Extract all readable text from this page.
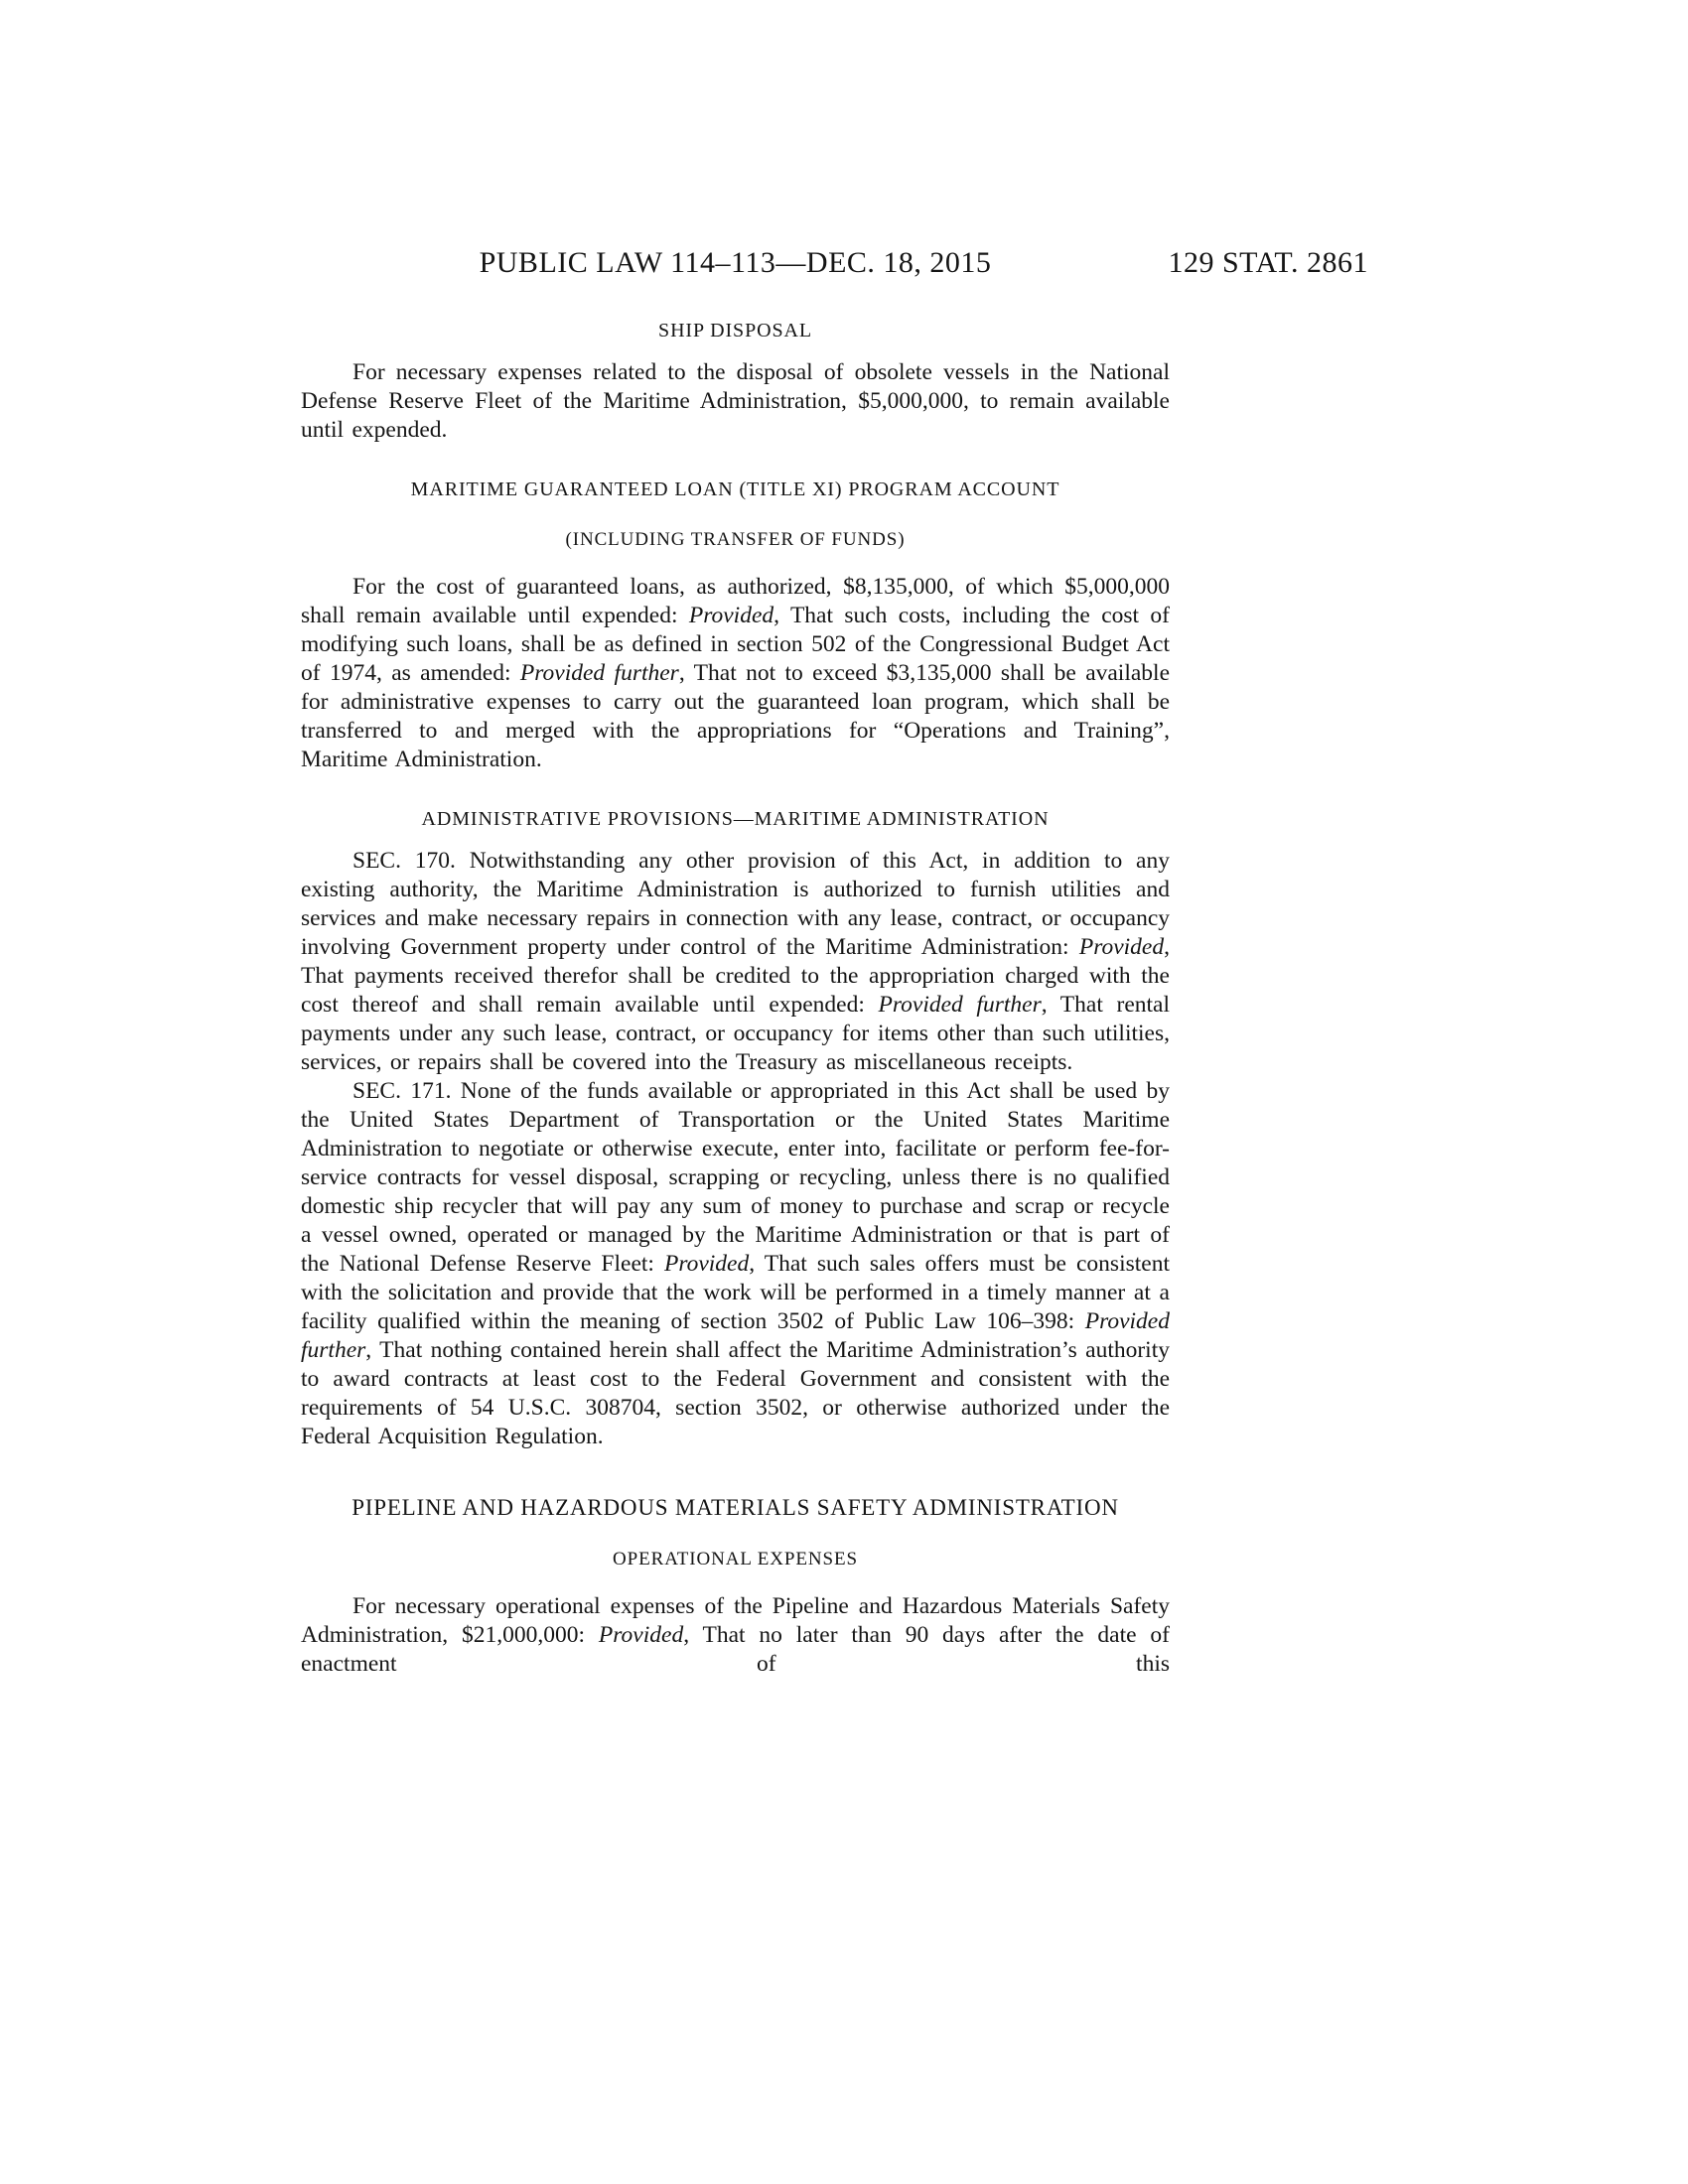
PUBLIC LAW 114–113—DEC. 18, 2015	129 STAT. 2861
SHIP DISPOSAL

For necessary expenses related to the disposal of obsolete vessels in the National Defense Reserve Fleet of the Maritime Administration, $5,000,000, to remain available until expended.

MARITIME GUARANTEED LOAN (TITLE XI) PROGRAM ACCOUNT
(INCLUDING TRANSFER OF FUNDS)

For the cost of guaranteed loans, as authorized, $8,135,000, of which $5,000,000 shall remain available until expended: Provided, That such costs, including the cost of modifying such loans, shall be as defined in section 502 of the Congressional Budget Act of 1974, as amended: Provided further, That not to exceed $3,135,000 shall be available for administrative expenses to carry out the guaranteed loan program, which shall be transferred to and merged with the appropriations for “Operations and Training”, Maritime Administration.

ADMINISTRATIVE PROVISIONS—MARITIME ADMINISTRATION

SEC. 170. Notwithstanding any other provision of this Act, in addition to any existing authority, the Maritime Administration is authorized to furnish utilities and services and make necessary repairs in connection with any lease, contract, or occupancy involving Government property under control of the Maritime Administration: Provided, That payments received therefor shall be credited to the appropriation charged with the cost thereof and shall remain available until expended: Provided further, That rental payments under any such lease, contract, or occupancy for items other than such utilities, services, or repairs shall be covered into the Treasury as miscellaneous receipts.

SEC. 171. None of the funds available or appropriated in this Act shall be used by the United States Department of Transportation or the United States Maritime Administration to negotiate or otherwise execute, enter into, facilitate or perform fee-for-service contracts for vessel disposal, scrapping or recycling, unless there is no qualified domestic ship recycler that will pay any sum of money to purchase and scrap or recycle a vessel owned, operated or managed by the Maritime Administration or that is part of the National Defense Reserve Fleet: Provided, That such sales offers must be consistent with the solicitation and provide that the work will be performed in a timely manner at a facility qualified within the meaning of section 3502 of Public Law 106–398: Provided further, That nothing contained herein shall affect the Maritime Administration’s authority to award contracts at least cost to the Federal Government and consistent with the requirements of 54 U.S.C. 308704, section 3502, or otherwise authorized under the Federal Acquisition Regulation.

PIPELINE AND HAZARDOUS MATERIALS SAFETY ADMINISTRATION
OPERATIONAL EXPENSES

For necessary operational expenses of the Pipeline and Hazardous Materials Safety Administration, $21,000,000: Provided, That no later than 90 days after the date of enactment of this
